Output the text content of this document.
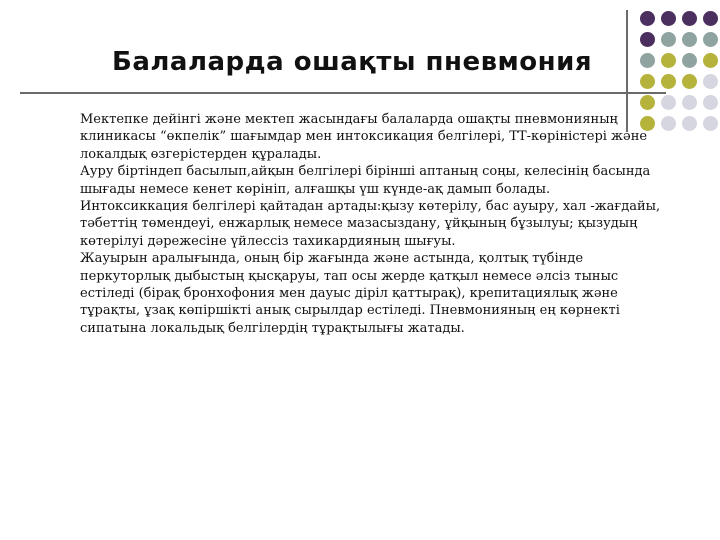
Балаларда ошақты пневмония

Мектепке дейінгі және мектеп жасындағы балаларда ошақты пневмонияның клиникасы “өкпелік” шағымдар мен интоксикация белгілері, ТТ-көріністері және локалдық өзгерістерден құралады.

Ауру біртіндеп басылып,айқын белгілері бірінші аптаның соңы, келесінің басында шығады немесе кенет көрініп, алғашқы үш күнде-ақ дамып болады.

Интоксиккация белгілері қайтадан артады:қызу көтерілу, бас ауыру, хал -жағдайы, тәбеттің төмендеуі, енжарлық немесе мазасыздану, ұйқының бұзылуы; қызудың көтерілуі дәрежесіне үйлессіз тахикардияның шығуы.

Жауырын аралығында, оның бір жағында және астында, қолтық түбінде перкуторлық дыбыстың қысқаруы, тап осы жерде қатқыл немесе әлсіз тыныс естіледі (бірақ бронхофония мен дауыс діріл қаттырақ), крепитациялық және тұрақты, ұзақ көпіршікті анық сырылдар естіледі. Пневмонияның ең көрнекті сипатына локальдық белгілердің тұрақтылығы жатады.
